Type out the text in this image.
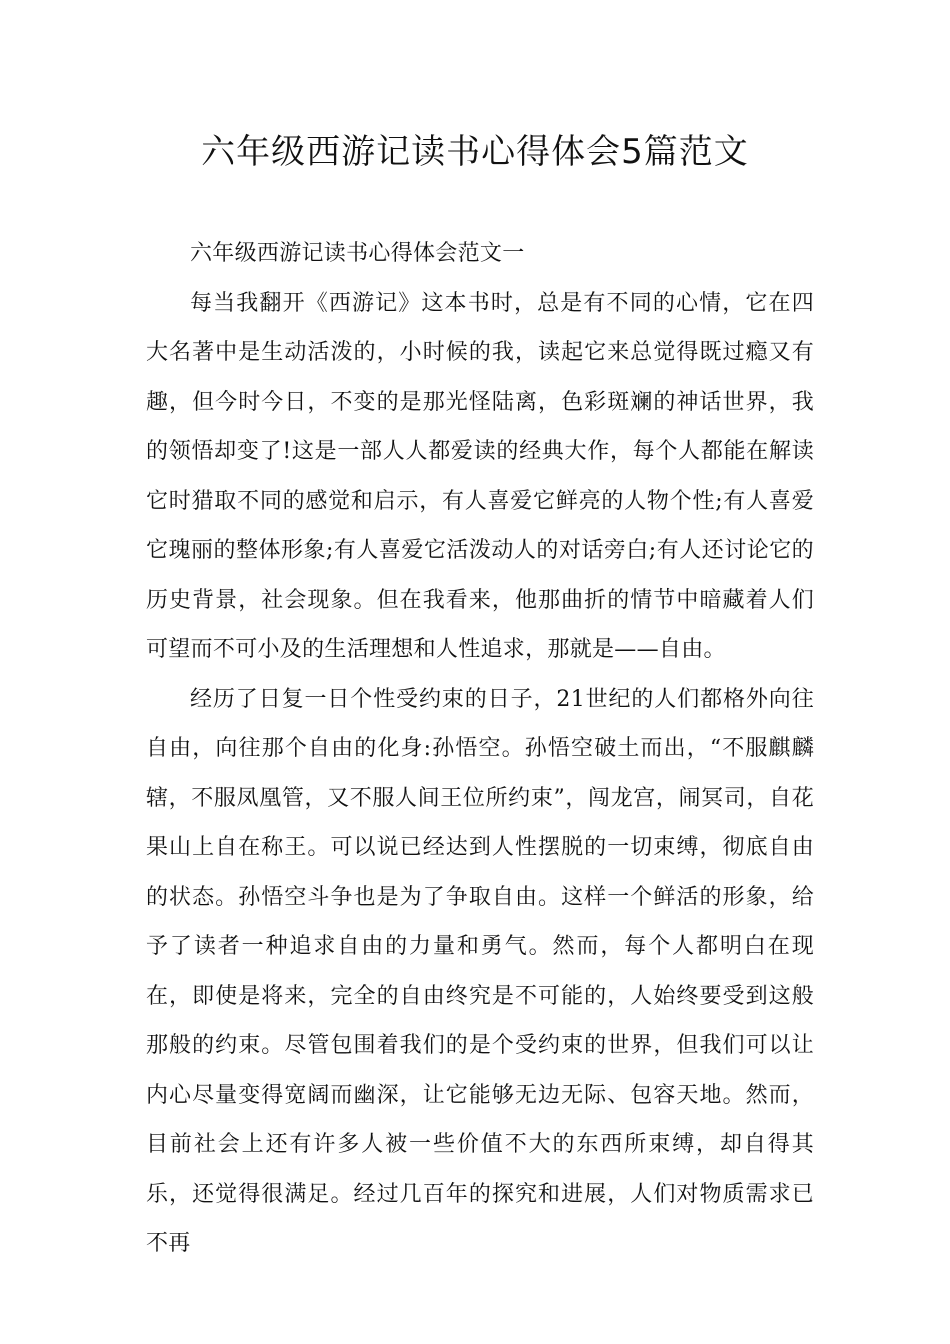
六年级西游记读书心得体会5篇范文

六年级西游记读书心得体会范文一

每当我翻开《西游记》这本书时，总是有不同的心情，它在四大名著中是生动活泼的，小时候的我，读起它来总觉得既过瘾又有趣，但今时今日，不变的是那光怪陆离，色彩斑斓的神话世界，我的领悟却变了!这是一部人人都爱读的经典大作，每个人都能在解读它时猎取不同的感觉和启示，有人喜爱它鲜亮的人物个性;有人喜爱它瑰丽的整体形象;有人喜爱它活泼动人的对话旁白;有人还讨论它的历史背景，社会现象。但在我看来，他那曲折的情节中暗藏着人们可望而不可小及的生活理想和人性追求，那就是——自由。

经历了日复一日个性受约束的日子，21世纪的人们都格外向往自由，向往那个自由的化身:孙悟空。孙悟空破土而出，“不服麒麟辖，不服凤凰管，又不服人间王位所约束”，闯龙宫，闹冥司，自花果山上自在称王。可以说已经达到人性摆脱的一切束缚，彻底自由的状态。孙悟空斗争也是为了争取自由。这样一个鲜活的形象，给予了读者一种追求自由的力量和勇气。然而，每个人都明白在现在，即使是将来，完全的自由终究是不可能的，人始终要受到这般那般的约束。尽管包围着我们的是个受约束的世界，但我们可以让内心尽量变得宽阔而幽深，让它能够无边无际、包容天地。然而，目前社会上还有许多人被一些价值不大的东西所束缚，却自得其乐，还觉得很满足。经过几百年的探究和进展，人们对物质需求已不再
